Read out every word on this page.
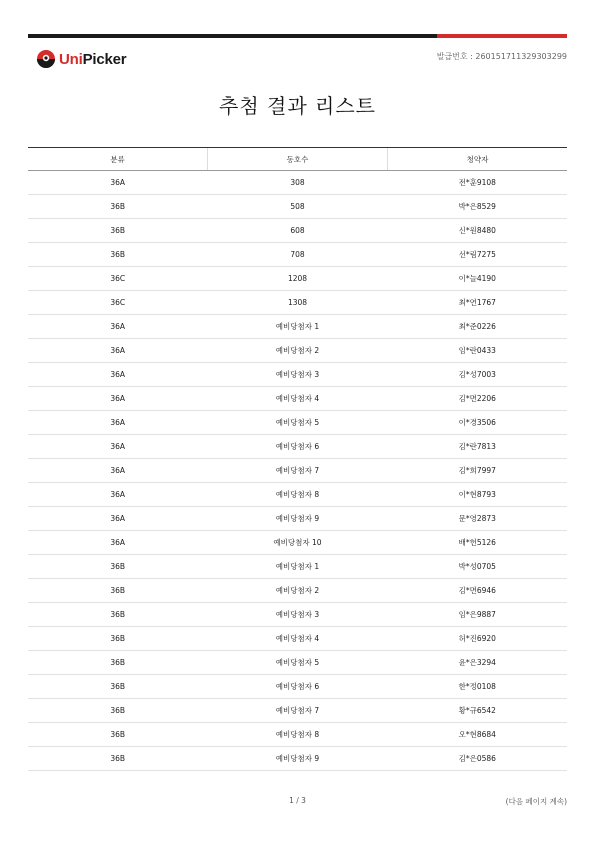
UniPicker	발급번호 : 260151711329303299
추첨 결과 리스트
분류	동호수	청약자
36A	308	전*훈9108
36B	508	박*은8529
36B	608	신*원8480
36B	708	선*림7275
36C	1208	이*늘4190
36C	1308	최*연1767
36A	예비당첨자 1	최*준0226
36A	예비당첨자 2	임*란0433
36A	예비당첨자 3	김*성7003
36A	예비당첨자 4	김*면2206
36A	예비당첨자 5	이*경3506
36A	예비당첨자 6	김*란7813
36A	예비당첨자 7	김*희7997
36A	예비당첨자 8	이*현8793
36A	예비당첨자 9	문*영2873
36A	예비당첨자 10	배*헌5126
36B	예비당첨자 1	박*성0705
36B	예비당첨자 2	김*면6946
36B	예비당첨자 3	임*은9887
36B	예비당첨자 4	허*진6920
36B	예비당첨자 5	윤*은3294
36B	예비당첨자 6	한*정0108
36B	예비당첨자 7	황*규6542
36B	예비당첨자 8	오*현8684
36B	예비당첨자 9	김*은0586
1 / 3	(다음 페이지 계속)
